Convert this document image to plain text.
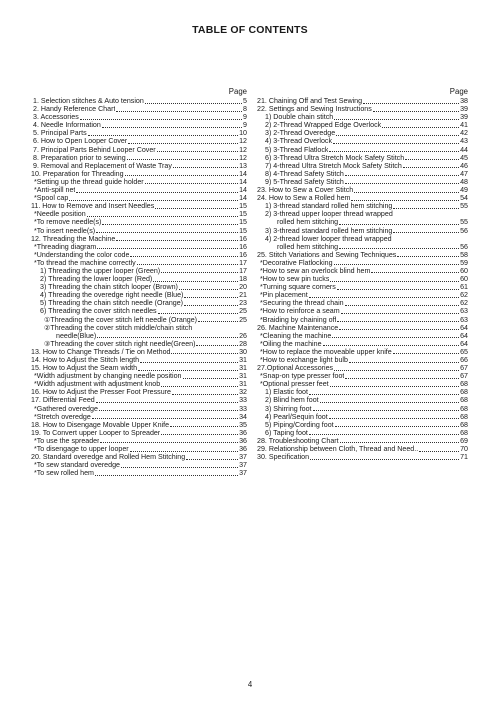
TABLE OF CONTENTS
Page
1. Selection stitches & Auto tension	5
2. Handy Reference Chart	8
3. Accessories	9
4. Needle Information	9
5. Principal Parts	10
6. How to Open Looper Cover	12
7. Principal Parts Behind Looper Cover	12
8. Preparation prior to sewing	12
9. Removal and Replacement of Waste Tray	13
10. Preparation for Threading	14
*Setting up the thread guide holder	14
*Anti-spill net	14
*Spool cap	14
11. How to Remove and Insert Needles	15
*Needle position	15
*To remove needle(s)	15
*To insert needle(s)	15
12. Threading the Machine	16
*Threading diagram	16
*Understanding the color code	16
*To thread the machine correctly	17
1) Threading the upper looper (Green)	17
2) Threading the lower looper (Red)	18
3) Threading the chain stitch looper (Brown)	20
4) Threading the overedge right needle (Blue)	21
5) Threading the chain stitch needle (Orange)	23
6) Threading the cover stitch needles	25
①Threading the cover stitch left needle (Orange)	25
②Threading the cover stitch middle/chain stitch
needle(Blue)	26
③Threading the cover stitch right needle(Green)	28
13. How to Change Threads / Tie on Method	30
14. How to Adjust the Stitch length	31
15. How to Adjust the Seam width	31
*Width adjustment by changing needle position	31
*Width adjustment with adjustment knob	31
16. How to Adjust the Presser Foot Pressure	32
17. Differential Feed	33
*Gathered overedge	33
*Stretch overedge	34
18. How to Disengage Movable Upper Knife	35
19. To Convert upper Looper to Spreader	36
*To use the spreader	36
*To disengage to upper looper	36
20. Standard overedge and Rolled Hem Stitching	37
*To sew standard overedge	37
*To sew rolled hem	37
Page
21. Chaining Off and Test Sewing	38
22. Settings and Sewing Instructions	39
1) Double chain stitch	39
2) 2-Thread Wrapped Edge Overlock	41
3) 2-Thread Overedge	42
4) 3-Thread Overlock	43
5) 3-Thread Flatlock	44
6) 3-Thread Ultra Stretch Mock Safety Stitch	45
7) 4-thread Ultra Stretch Mock Safety Stitch	46
8) 4-Thread Safety Stitch	47
9) 5-Thread Safety Stitch	48
23. How to Sew a Cover Stitch	49
24. How to Sew a Rolled hem	54
1) 3-thread standard rolled hem stitching	55
2) 3-thread upper looper thread wrapped
rolled hem stitching	55
3) 3-thread standard rolled hem stitching	56
4) 2-thread lower looper thread wrapped
rolled hem stitching	56
25. Stitch Variations and Sewing Techniques	58
*Decorative Flatlocking	59
*How to sew an overlock blind hem	60
*How to sew pin tucks	60
*Turning square corners	61
*Pin placement	62
*Securing the thread chain	62
*How to reinforce a seam	63
*Braiding by chaining off	63
26. Machine Maintenance	64
*Cleaning the machine	64
*Oiling the machine	64
*How to replace the moveable upper knife	65
*How to exchange light bulb	66
27.Optional Accessories	67
*Snap-on type presser foot	67
*Optional presser feet	68
1) Elastic foot	68
2) Blind hem foot	68
3) Shirring foot	68
4) Pearl/Sequin foot	68
5) Piping/Cording foot	68
6) Taping foot	68
28. Troubleshooting Chart	69
29. Relationship between Cloth, Thread and Need..	70
30. Specification	71
4
